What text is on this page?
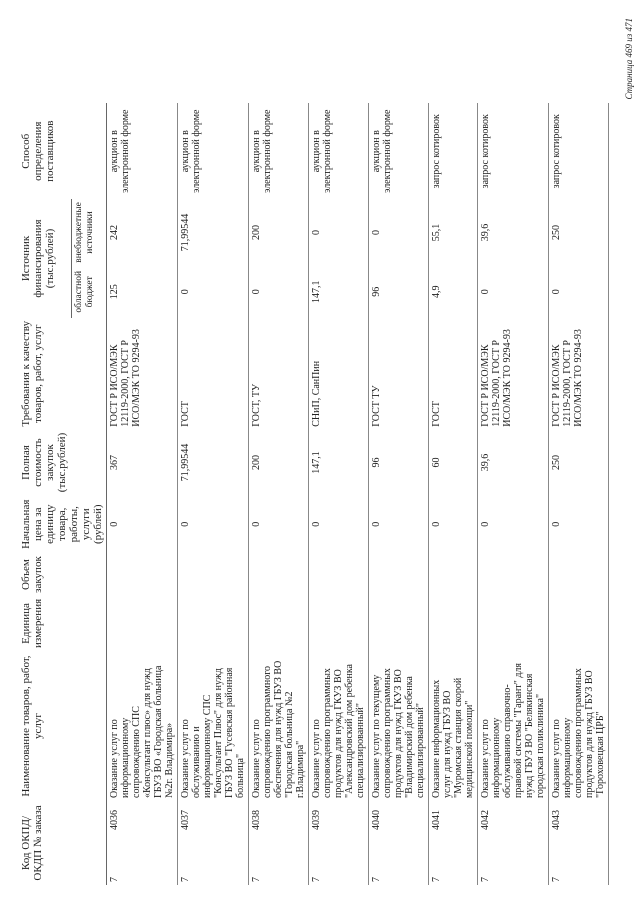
Код ОКПД/ ОКДП № заказа		Наименование товаров, работ, услуг	Единица измерения	Объем закупок	Начальная цена за единицу товара, работы, услуги (рублей)	Полная стоимость закупок (тыс.рублей)	Требования к качеству товаров, работ, услуг	Источник финансирования (тыс.рублей)		Способ определения поставщиков
								областной бюджет	внебюджетные источники	
7	4036	Оказание услуг по информационному сопровождению СПС «Консультант плюс» для нужд ГБУЗ ВО «Городская больница №2г. Владимира»			0	367	ГОСТ Р ИСО/МЭК 12119-2000, ГОСТ Р ИСО/МЭК ТО 9294-93	125	242	аукцион в электронной форме
7	4037	Оказание услуг по обслуживанию и информационному СПС "Консультант Плюс" для нужд ГБУЗ ВО "Гусевская районная больница"			0	71,99544	ГОСТ	0	71,99544	аукцион в электронной форме
7	4038	Оказание услуг по сопровождению программного обеспечения для нужд ГБУЗ ВО "Городская больница №2 г.Владимира"			0	200	ГОСТ, ТУ	0	200	аукцион в электронной форме
7	4039	Оказание услуг по сопровождению программных продуктов для нужд ГКУЗ ВО "Александровский дом ребенка специализированный"			0	147,1	СНиП, СанПин	147,1	0	аукцион в электронной форме
7	4040	Оказание услуг по текущему сопровождению программных продуктов для нужд ГКУЗ ВО "Владимирский дом ребенка специализированный"			0	96	ГОСТ ТУ	96	0	аукцион в электронной форме
7	4041	Оказание информационных услуг для нужд ГБУЗ ВО "Муромская станция скорой медицинской помощи"			0	60	ГОСТ	4,9	55,1	запрос котировок
7	4042	Оказание услуг по информационному обслуживанию справочно-правовой системы "Гарант" для нужд ГБУЗ ВО "Белякинская городская поликлиника"			0	39,6	ГОСТ Р ИСО/МЭК 12119-2000, ГОСТ Р ИСО/МЭК ТО 9294-93	0	39,6	запрос котировок
7	4043	Оказание услуг по информационному сопровождению программных продуктов для нужд ГБУЗ ВО "Гороховецкая ЦРБ"			0	250	ГОСТ Р ИСО/МЭК 12119-2000, ГОСТ Р ИСО/МЭК ТО 9294-93	0	250	запрос котировок
Страница 469 из 471
